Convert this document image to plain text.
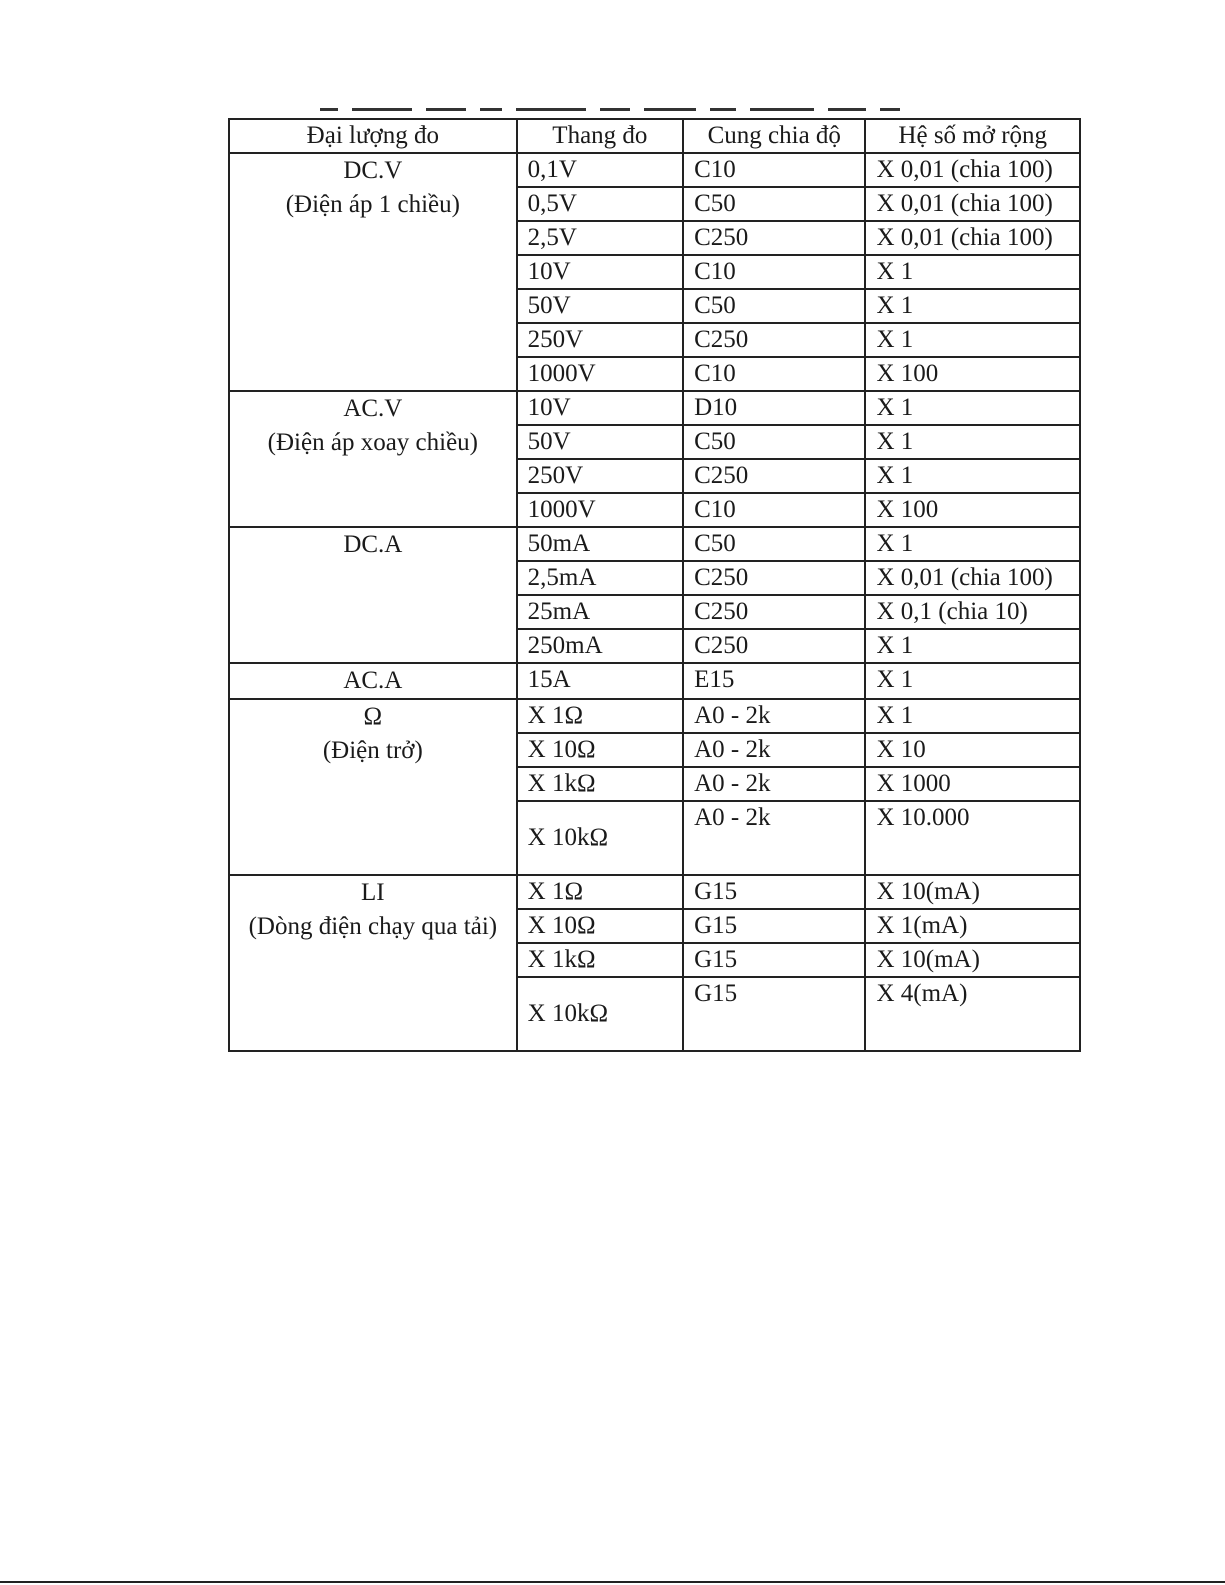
Đại lượng đo	Thang đo	Cung chia độ	Hệ số mở rộng

DC.V
(Điện áp 1 chiều)	0,1V	C10	X 0,01 (chia 100)
	0,5V	C50	X 0,01 (chia 100)
	2,5V	C250	X 0,01 (chia 100)
	10V	C10	X 1
	50V	C50	X 1
	250V	C250	X 1
	1000V	C10	X 100

AC.V
(Điện áp xoay chiều)	10V	D10	X 1
	50V	C50	X 1
	250V	C250	X 1
	1000V	C10	X 100

DC.A	50mA	C50	X 1
	2,5mA	C250	X 0,01 (chia 100)
	25mA	C250	X 0,1 (chia 10)
	250mA	C250	X 1

AC.A	15A	E15	X 1

Ω
(Điện trở)	X 1Ω	A0 - 2k	X 1
	X 10Ω	A0 - 2k	X 10
	X 1kΩ	A0 - 2k	X 1000
	X 10kΩ	A0 - 2k	X 10.000

LI
(Dòng điện chạy qua tải)	X 1Ω	G15	X 10(mA)
	X 10Ω	G15	X 1(mA)
	X 1kΩ	G15	X 10(mA)
	X 10kΩ	G15	X 4(mA)
